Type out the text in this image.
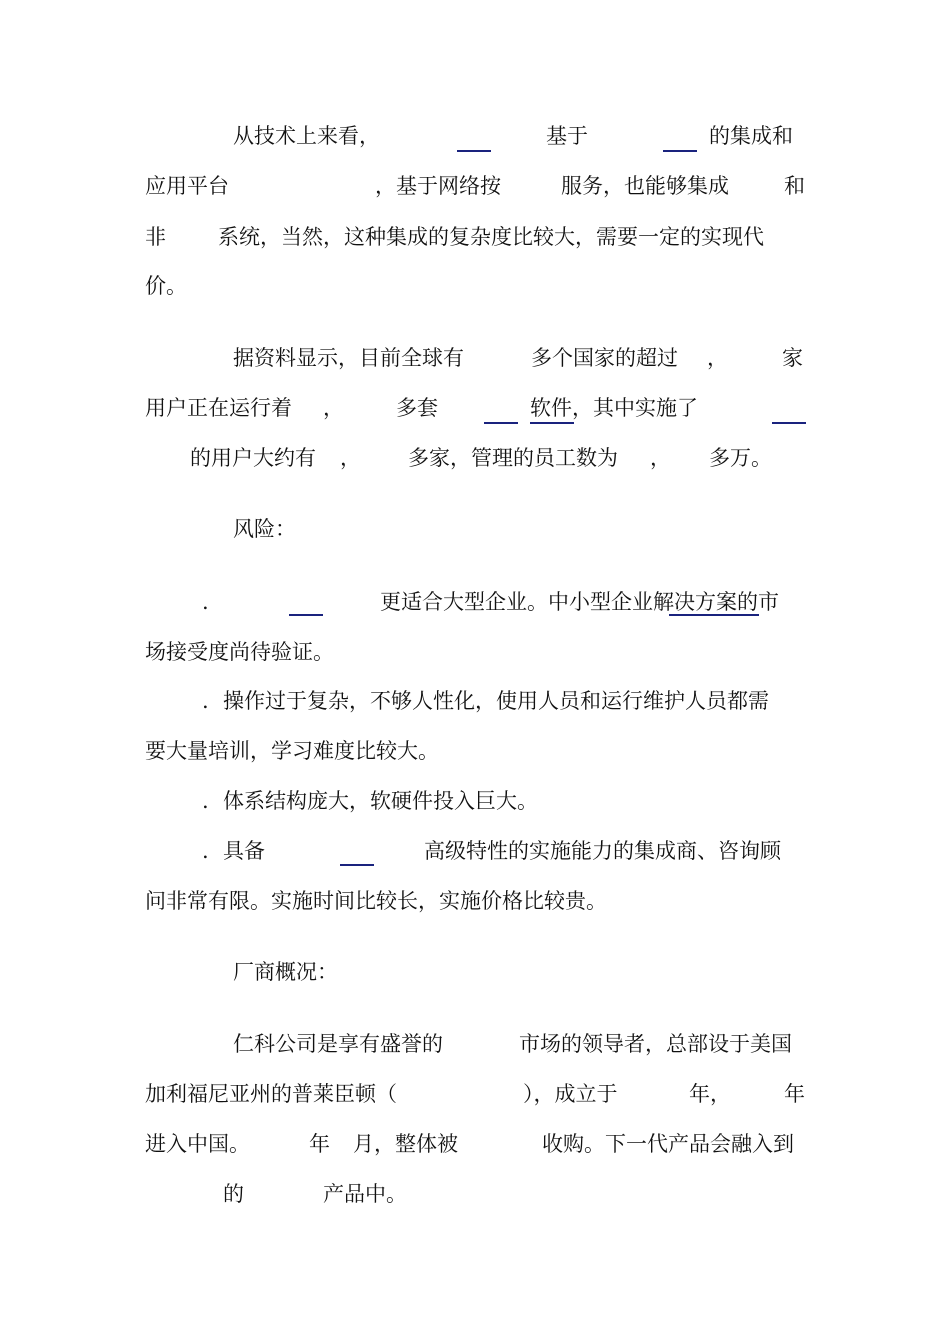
从技术上来看，	基于	的集成和
应用平台	，基于网络按	服务，也能够集成	和
非 系统，当然，这种集成的复杂度比较大，需要一定的实现代
价。
据资料显示，目前全球有	多个国家的超过 ，	家
用户正在运行着 ， 多套	软件，其中实施了
的用户大约有 ， 多家，管理的员工数为 ， 多万。
风险：
.	更适合大型企业。中小型企业解决方案的市
场接受度尚待验证。
. 操作过于复杂，不够人性化，使用人员和运行维护人员都需
要大量培训，学习难度比较大。
. 体系结构庞大，软硬件投入巨大。
. 具备	高级特性的实施能力的集成商、咨询顾
问非常有限。实施时间比较长，实施价格比较贵。
厂商概况：
仁科公司是享有盛誉的	市场的领导者，总部设于美国
加利福尼亚州的普莱臣顿（	），成立于	年，	年
进入中国。	年 月，整体被	收购。下一代产品会融入到
的	产品中。
